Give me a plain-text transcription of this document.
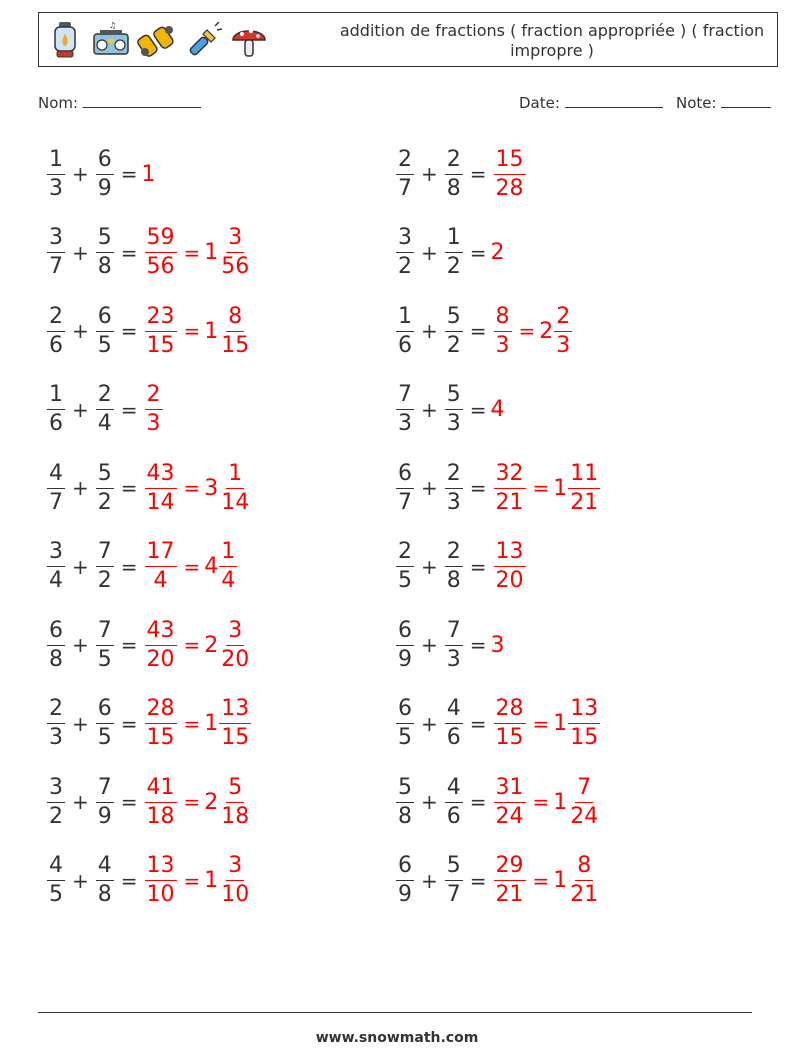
♫	addition de fractions ( fraction appropriée ) ( fraction impropre )
Nom:	Date:	Note:
$\frac{1}{3} + \frac{6}{9} = 1$	$\frac{2}{7} + \frac{2}{8} = \frac{15}{28}$
$\frac{3}{7} + \frac{5}{8} = \frac{59}{56} = 1 \frac{3}{56}$	$\frac{3}{2} + \frac{1}{2} = 2$
$\frac{2}{6} + \frac{6}{5} = \frac{23}{15} = 1 \frac{8}{15}$	$\frac{1}{6} + \frac{5}{2} = \frac{8}{3} = 2 \frac{2}{3}$
$\frac{1}{6} + \frac{2}{4} = \frac{2}{3}$	$\frac{7}{3} + \frac{5}{3} = 4$
$\frac{4}{7} + \frac{5}{2} = \frac{43}{14} = 3 \frac{1}{14}$	$\frac{6}{7} + \frac{2}{3} = \frac{32}{21} = 1 \frac{11}{21}$
$\frac{3}{4} + \frac{7}{2} = \frac{17}{4} = 4 \frac{1}{4}$	$\frac{2}{5} + \frac{2}{8} = \frac{13}{20}$
$\frac{6}{8} + \frac{7}{5} = \frac{43}{20} = 2 \frac{3}{20}$	$\frac{6}{9} + \frac{7}{3} = 3$
$\frac{2}{3} + \frac{6}{5} = \frac{28}{15} = 1 \frac{13}{15}$	$\frac{6}{5} + \frac{4}{6} = \frac{28}{15} = 1 \frac{13}{15}$
$\frac{3}{2} + \frac{7}{9} = \frac{41}{18} = 2 \frac{5}{18}$	$\frac{5}{8} + \frac{4}{6} = \frac{31}{24} = 1 \frac{7}{24}$
$\frac{4}{5} + \frac{4}{8} = \frac{13}{10} = 1 \frac{3}{10}$	$\frac{6}{9} + \frac{5}{7} = \frac{29}{21} = 1 \frac{8}{21}$
www.snowmath.com
